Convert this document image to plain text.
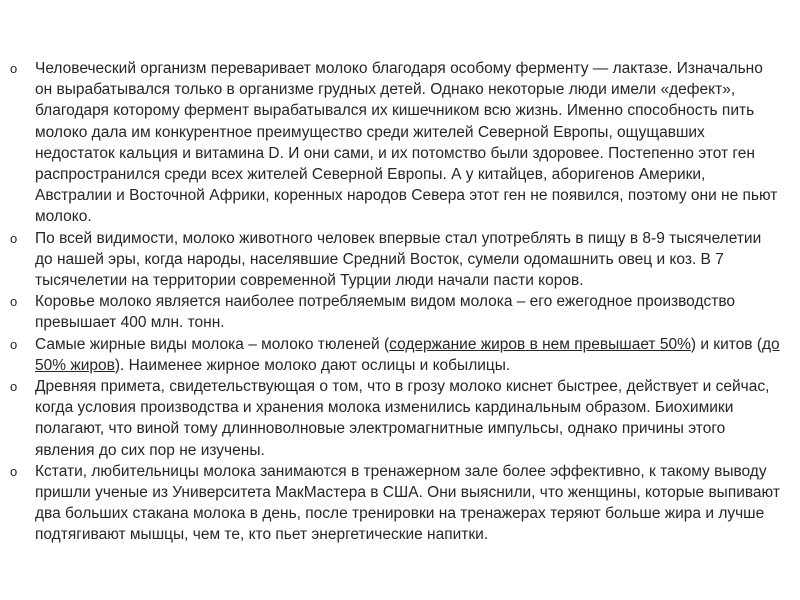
o Человеческий организм переваривает молоко благодаря особому ферменту — лактазе. Изначально он вырабатывался только в организме грудных детей. Однако некоторые люди имели «дефект», благодаря которому фермент вырабатывался их кишечником всю жизнь. Именно способность пить молоко дала им конкурентное преимущество среди жителей Северной Европы, ощущавших недостаток кальция и витамина D. И они сами, и их потомство были здоровее. Постепенно этот ген распространился среди всех жителей Северной Европы. А у китайцев, аборигенов Америки, Австралии и Восточной Африки, коренных народов Севера этот ген не появился, поэтому они не пьют молоко.
o По всей видимости, молоко животного человек впервые стал употреблять в пищу в 8-9 тысячелетии до нашей эры, когда народы, населявшие Средний Восток, сумели одомашнить овец и коз. В 7 тысячелетии на территории современной Турции люди начали пасти коров.
o Коровье молоко является наиболее потребляемым видом молока – его ежегодное производство превышает 400 млн. тонн.
o Самые жирные виды молока – молоко тюленей (содержание жиров в нем превышает 50%) и китов (до 50% жиров). Наименее жирное молоко дают ослицы и кобылицы.
o Древняя примета, свидетельствующая о том, что в грозу молоко киснет быстрее, действует и сейчас, когда условия производства и хранения молока изменились кардинальным образом. Биохимики полагают, что виной тому длинноволновые электромагнитные импульсы, однако причины этого явления до сих пор не изучены.
o Кстати, любительницы молока занимаются в тренажерном зале более эффективно, к такому выводу пришли ученые из Университета МакМастера в США. Они выяснили, что женщины, которые выпивают два больших стакана молока в день, после тренировки на тренажерах теряют больше жира и лучше подтягивают мышцы, чем те, кто пьет энергетические напитки.
